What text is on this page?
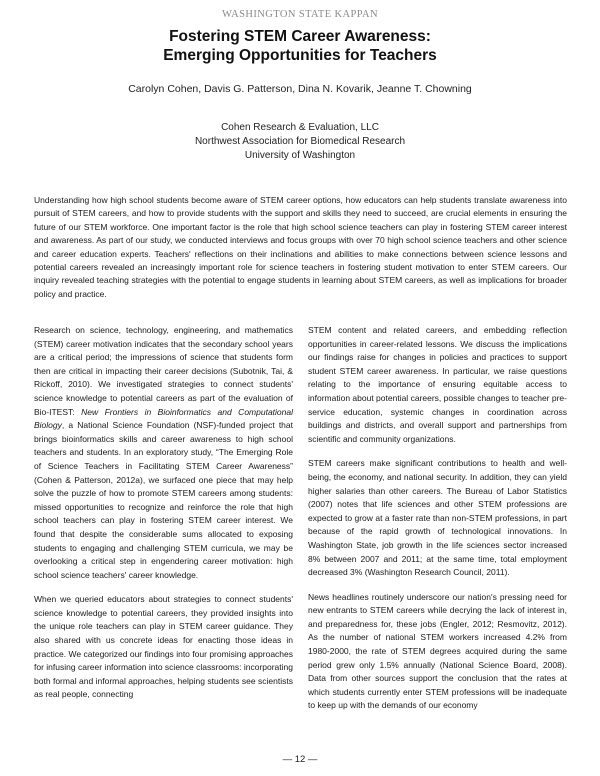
WASHINGTON STATE KAPPAN
Fostering STEM Career Awareness:
Emerging Opportunities for Teachers
Carolyn Cohen, Davis G. Patterson, Dina N. Kovarik, Jeanne T. Chowning
Cohen Research & Evaluation, LLC
Northwest Association for Biomedical Research
University of Washington

Understanding how high school students become aware of STEM career options, how educators can help students translate awareness into pursuit of STEM careers, and how to provide students with the support and skills they need to succeed, are crucial elements in ensuring the future of our STEM workforce. One important factor is the role that high school science teachers can play in fostering STEM career interest and awareness. As part of our study, we conducted interviews and focus groups with over 70 high school science teachers and other science and career education experts. Teachers' reflections on their inclinations and abilities to make connections between science lessons and potential careers revealed an increasingly important role for science teachers in fostering student motivation to enter STEM careers. Our inquiry revealed teaching strategies with the potential to engage students in learning about STEM careers, as well as implications for broader policy and practice.

Research on science, technology, engineering, and mathematics (STEM) career motivation indicates that the secondary school years are a critical period; the impressions of science that students form then are critical in impacting their career decisions (Subotnik, Tai, & Rickoff, 2010). We investigated strategies to connect students' science knowledge to potential careers as part of the evaluation of Bio-ITEST: New Frontiers in Bioinformatics and Computational Biology, a National Science Foundation (NSF)-funded project that brings bioinformatics skills and career awareness to high school teachers and students. In an exploratory study, “The Emerging Role of Science Teachers in Facilitating STEM Career Awareness” (Cohen & Patterson, 2012a), we surfaced one piece that may help solve the puzzle of how to promote STEM careers among students: missed opportunities to recognize and reinforce the role that high school teachers can play in fostering STEM career interest. We found that despite the considerable sums allocated to exposing students to engaging and challenging STEM curricula, we may be overlooking a critical step in engendering career motivation: high school science teachers' career knowledge.

When we queried educators about strategies to connect students' science knowledge to potential careers, they provided insights into the unique role teachers can play in STEM career guidance. They also shared with us concrete ideas for enacting those ideas in practice. We categorized our findings into four promising approaches for infusing career information into science classrooms: incorporating both formal and informal approaches, helping students see scientists as real people, connecting

STEM content and related careers, and embedding reflection opportunities in career-related lessons. We discuss the implications our findings raise for changes in policies and practices to support student STEM career awareness. In particular, we raise questions relating to the importance of ensuring equitable access to information about potential careers, possible changes to teacher pre-service education, systemic changes in coordination across buildings and districts, and overall support and partnerships from scientific and community organizations.

STEM careers make significant contributions to health and well-being, the economy, and national security. In addition, they can yield higher salaries than other careers. The Bureau of Labor Statistics (2007) notes that life sciences and other STEM professions are expected to grow at a faster rate than non-STEM professions, in part because of the rapid growth of technological innovations. In Washington State, job growth in the life sciences sector increased 8% between 2007 and 2011; at the same time, total employment decreased 3% (Washington Research Council, 2011).

News headlines routinely underscore our nation's pressing need for new entrants to STEM careers while decrying the lack of interest in, and preparedness for, these jobs (Engler, 2012; Resmovitz, 2012). As the number of national STEM workers increased 4.2% from 1980-2000, the rate of STEM degrees acquired during the same period grew only 1.5% annually (National Science Board, 2008). Data from other sources support the conclusion that the rates at which students currently enter STEM professions will be inadequate to keep up with the demands of our economy

— 12 —
